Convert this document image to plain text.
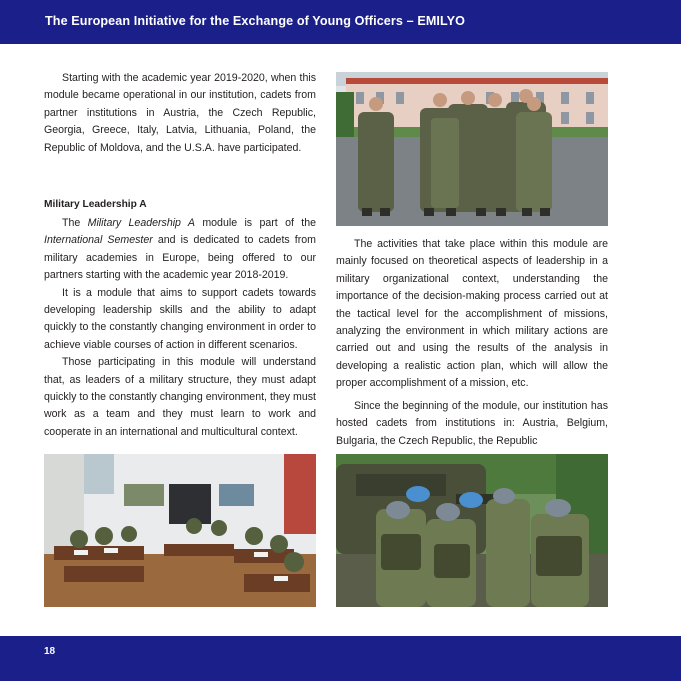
The European Initiative for the Exchange of Young Officers – EMILYO

Starting with the academic year 2019-2020, when this module became operational in our institution, cadets from partner institutions in Austria, the Czech Republic, Georgia, Greece, Italy, Latvia, Lithuania, Poland, the Republic of Moldova, and the U.S.A. have participated.

Military Leadership A

The Military Leadership A module is part of the International Semester and is dedicated to cadets from military academies in Europe, being offered to our partners starting with the academic year 2018-2019.

It is a module that aims to support cadets towards developing leadership skills and the ability to adapt quickly to the constantly changing environment in order to achieve viable courses of action in different scenarios.

Those participating in this module will understand that, as leaders of a military structure, they must adapt quickly to the constantly changing environment, they must work as a team and they must learn to work and cooperate in an international and multicultural context.

The activities that take place within this module are mainly focused on theoretical aspects of leadership in a military organizational context, understanding the importance of the decision-making process carried out at the tactical level for the accomplishment of missions, analyzing the environment in which military actions are carried out and using the results of the analysis in developing a realistic action plan, which will allow the proper accomplishment of a mission, etc.

Since the beginning of the module, our institution has hosted cadets from institutions in: Austria, Belgium, Bulgaria, the Czech Republic, the Republic

18
